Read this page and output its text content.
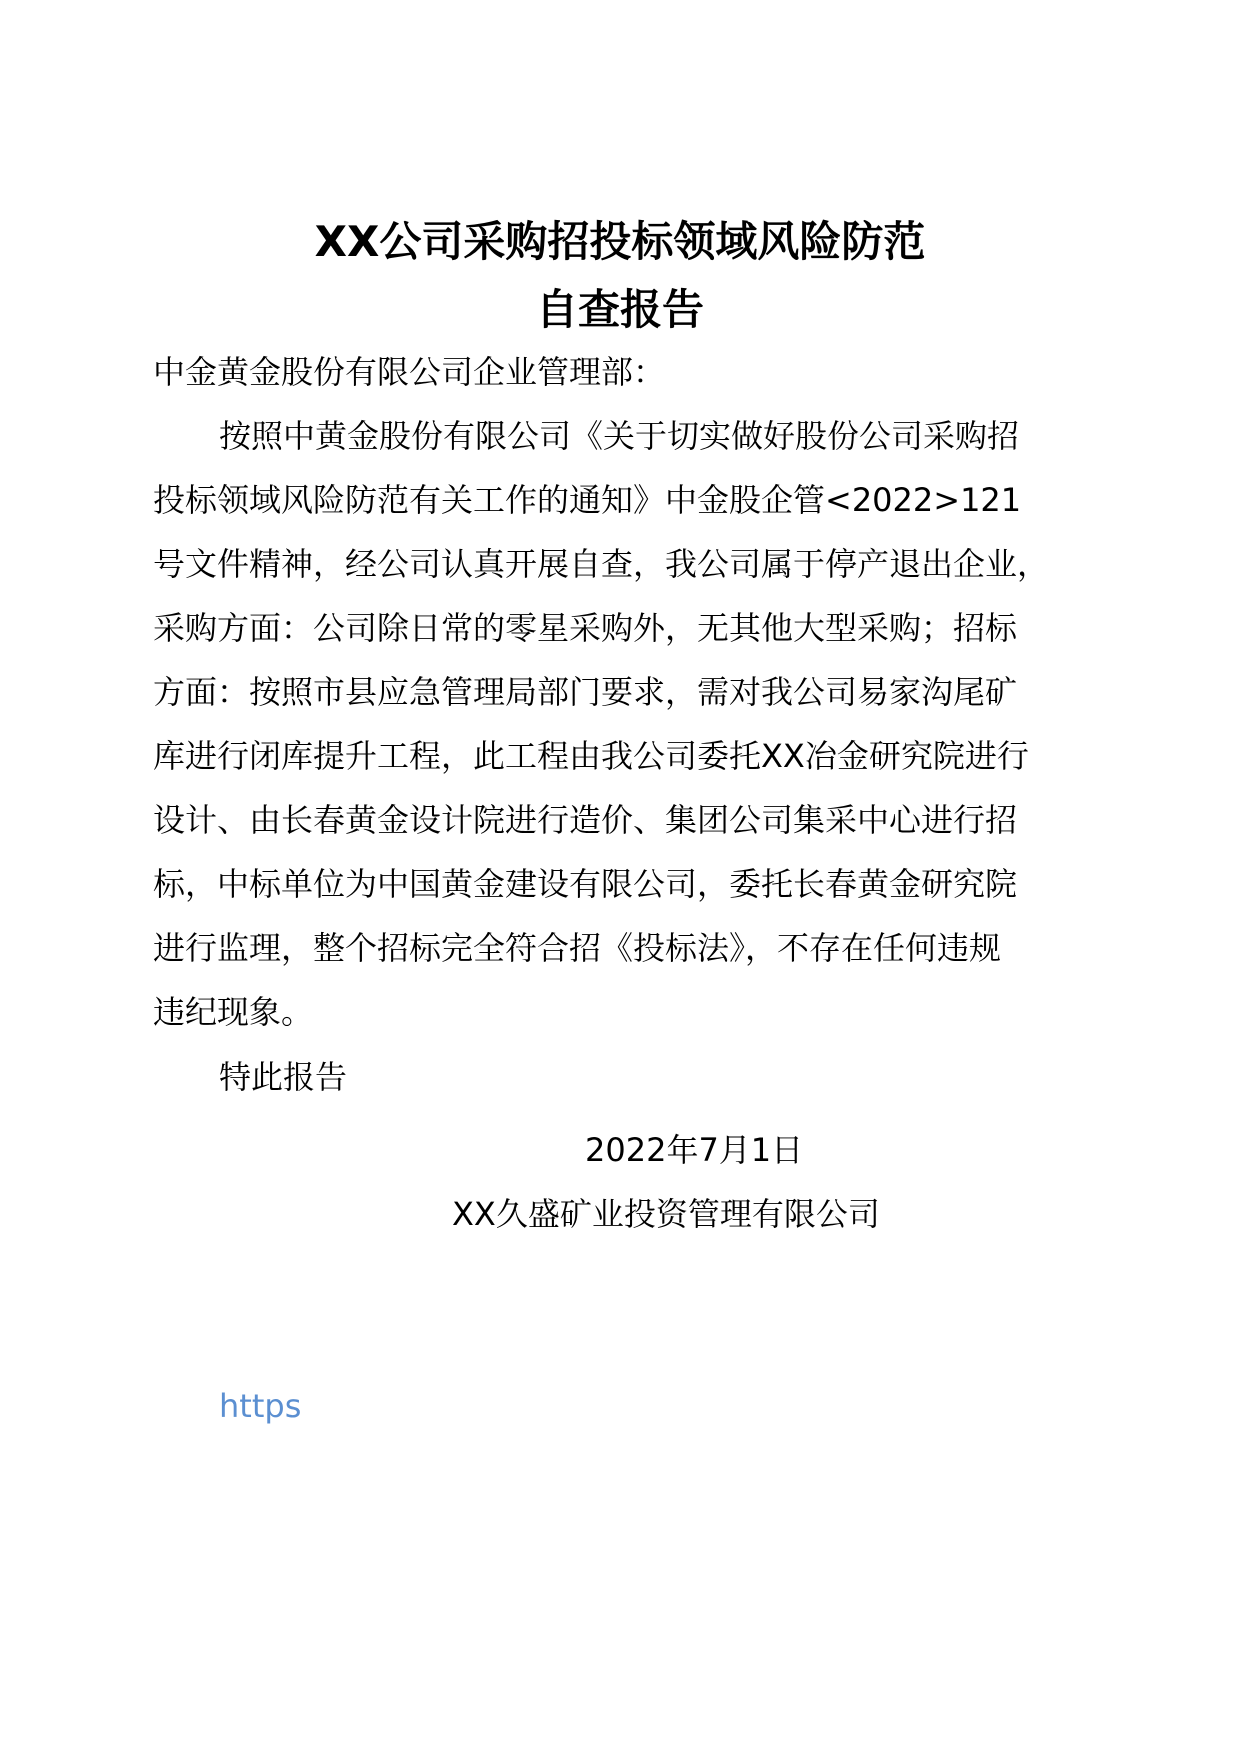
XX公司采购招投标领域风险防范
自查报告

中金黄金股份有限公司企业管理部：

按照中黄金股份有限公司《关于切实做好股份公司采购招

投标领域风险防范有关工作的通知》中金股企管<2022>121

号文件精神，经公司认真开展自查，我公司属于停产退出企业，

采购方面：公司除日常的零星采购外，无其他大型采购；招标

方面：按照市县应急管理局部门要求，需对我公司易家沟尾矿

库进行闭库提升工程，此工程由我公司委托XX冶金研究院进行

设计、由长春黄金设计院进行造价、集团公司集采中心进行招

标，中标单位为中国黄金建设有限公司，委托长春黄金研究院

进行监理，整个招标完全符合招《投标法》，不存在任何违规

违纪现象。

特此报告

2022年7月1日

XX久盛矿业投资管理有限公司

https
